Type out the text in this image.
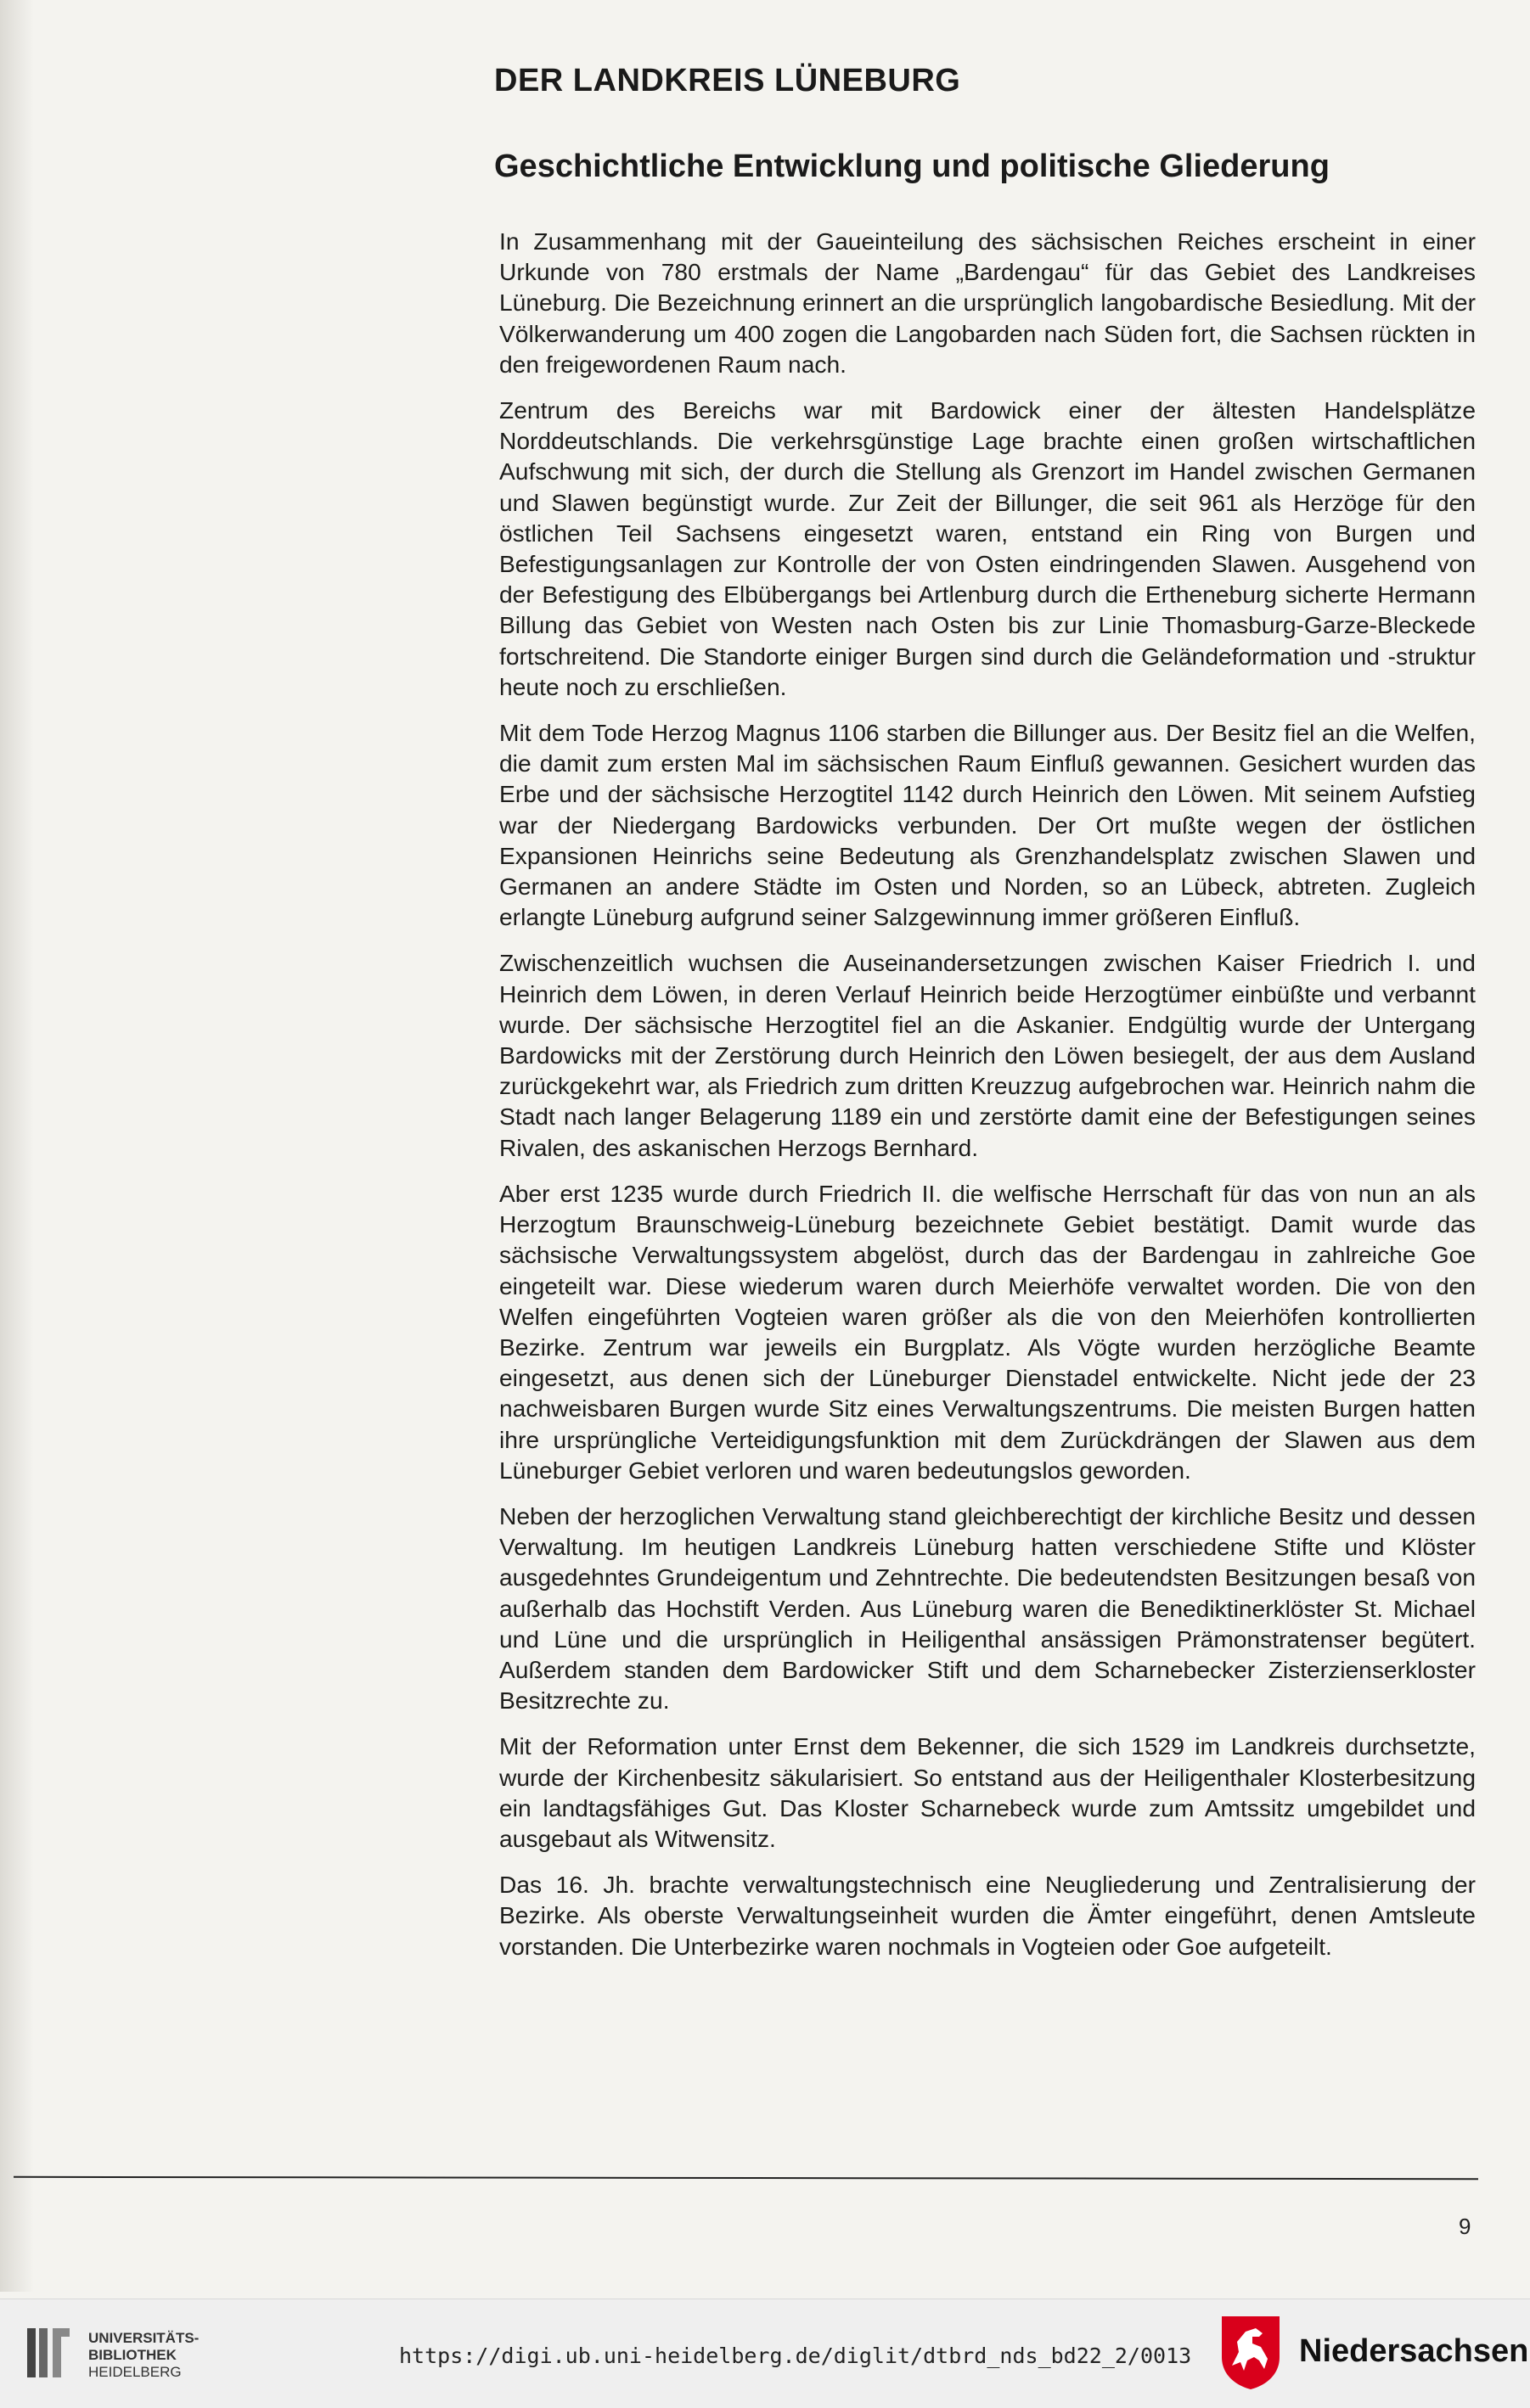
DER LANDKREIS LÜNEBURG
Geschichtliche Entwicklung und politische Gliederung

In Zusammenhang mit der Gaueinteilung des sächsischen Reiches erscheint in einer Urkunde von 780 erstmals der Name „Bardengau“ für das Gebiet des Landkreises Lüneburg. Die Bezeichnung erinnert an die ursprünglich langobardische Besiedlung. Mit der Völkerwanderung um 400 zogen die Langobarden nach Süden fort, die Sachsen rückten in den freigewordenen Raum nach.

Zentrum des Bereichs war mit Bardowick einer der ältesten Handelsplätze Norddeutschlands. Die verkehrsgünstige Lage brachte einen großen wirtschaftlichen Aufschwung mit sich, der durch die Stellung als Grenzort im Handel zwischen Germanen und Slawen begünstigt wurde. Zur Zeit der Billunger, die seit 961 als Herzöge für den östlichen Teil Sachsens eingesetzt waren, entstand ein Ring von Burgen und Befestigungsanlagen zur Kontrolle der von Osten eindringenden Slawen. Ausgehend von der Befestigung des Elbübergangs bei Artlenburg durch die Ertheneburg sicherte Hermann Billung das Gebiet von Westen nach Osten bis zur Linie Thomasburg-Garze-Bleckede fortschreitend. Die Standorte einiger Burgen sind durch die Geländeformation und -struktur heute noch zu erschließen.

Mit dem Tode Herzog Magnus 1106 starben die Billunger aus. Der Besitz fiel an die Welfen, die damit zum ersten Mal im sächsischen Raum Einfluß gewannen. Gesichert wurden das Erbe und der sächsische Herzogtitel 1142 durch Heinrich den Löwen. Mit seinem Aufstieg war der Niedergang Bardowicks verbunden. Der Ort mußte wegen der östlichen Expansionen Heinrichs seine Bedeutung als Grenzhandelsplatz zwischen Slawen und Germanen an andere Städte im Osten und Norden, so an Lübeck, abtreten. Zugleich erlangte Lüneburg aufgrund seiner Salzgewinnung immer größeren Einfluß.

Zwischenzeitlich wuchsen die Auseinandersetzungen zwischen Kaiser Friedrich I. und Heinrich dem Löwen, in deren Verlauf Heinrich beide Herzogtümer einbüßte und verbannt wurde. Der sächsische Herzogtitel fiel an die Askanier. Endgültig wurde der Untergang Bardowicks mit der Zerstörung durch Heinrich den Löwen besiegelt, der aus dem Ausland zurückgekehrt war, als Friedrich zum dritten Kreuzzug aufgebrochen war. Heinrich nahm die Stadt nach langer Belagerung 1189 ein und zerstörte damit eine der Befestigungen seines Rivalen, des askanischen Herzogs Bernhard.

Aber erst 1235 wurde durch Friedrich II. die welfische Herrschaft für das von nun an als Herzogtum Braunschweig-Lüneburg bezeichnete Gebiet bestätigt. Damit wurde das sächsische Verwaltungssystem abgelöst, durch das der Bardengau in zahlreiche Goe eingeteilt war. Diese wiederum waren durch Meierhöfe verwaltet worden. Die von den Welfen eingeführten Vogteien waren größer als die von den Meierhöfen kontrollierten Bezirke. Zentrum war jeweils ein Burgplatz. Als Vögte wurden herzögliche Beamte eingesetzt, aus denen sich der Lüneburger Dienstadel entwickelte. Nicht jede der 23 nachweisbaren Burgen wurde Sitz eines Verwaltungszentrums. Die meisten Burgen hatten ihre ursprüngliche Verteidigungsfunktion mit dem Zurückdrängen der Slawen aus dem Lüneburger Gebiet verloren und waren bedeutungslos geworden.

Neben der herzoglichen Verwaltung stand gleichberechtigt der kirchliche Besitz und dessen Verwaltung. Im heutigen Landkreis Lüneburg hatten verschiedene Stifte und Klöster ausgedehntes Grundeigentum und Zehntrechte. Die bedeutendsten Besitzungen besaß von außerhalb das Hochstift Verden. Aus Lüneburg waren die Benediktinerklöster St. Michael und Lüne und die ursprünglich in Heiligenthal ansässigen Prämonstratenser begütert. Außerdem standen dem Bardowicker Stift und dem Scharnebecker Zisterzienserkloster Besitzrechte zu.

Mit der Reformation unter Ernst dem Bekenner, die sich 1529 im Landkreis durchsetzte, wurde der Kirchenbesitz säkularisiert. So entstand aus der Heiligenthaler Klosterbesitzung ein landtagsfähiges Gut. Das Kloster Scharnebeck wurde zum Amtssitz umgebildet und ausgebaut als Witwensitz.

Das 16. Jh. brachte verwaltungstechnisch eine Neugliederung und Zentralisierung der Bezirke. Als oberste Verwaltungseinheit wurden die Ämter eingeführt, denen Amtsleute vorstanden. Die Unterbezirke waren nochmals in Vogteien oder Goe aufgeteilt.

9
UNIVERSITÄTS-
BIBLIOTHEK
HEIDELBERG
https://digi.ub.uni-heidelberg.de/diglit/dtbrd_nds_bd22_2/0013	Niedersachsen
